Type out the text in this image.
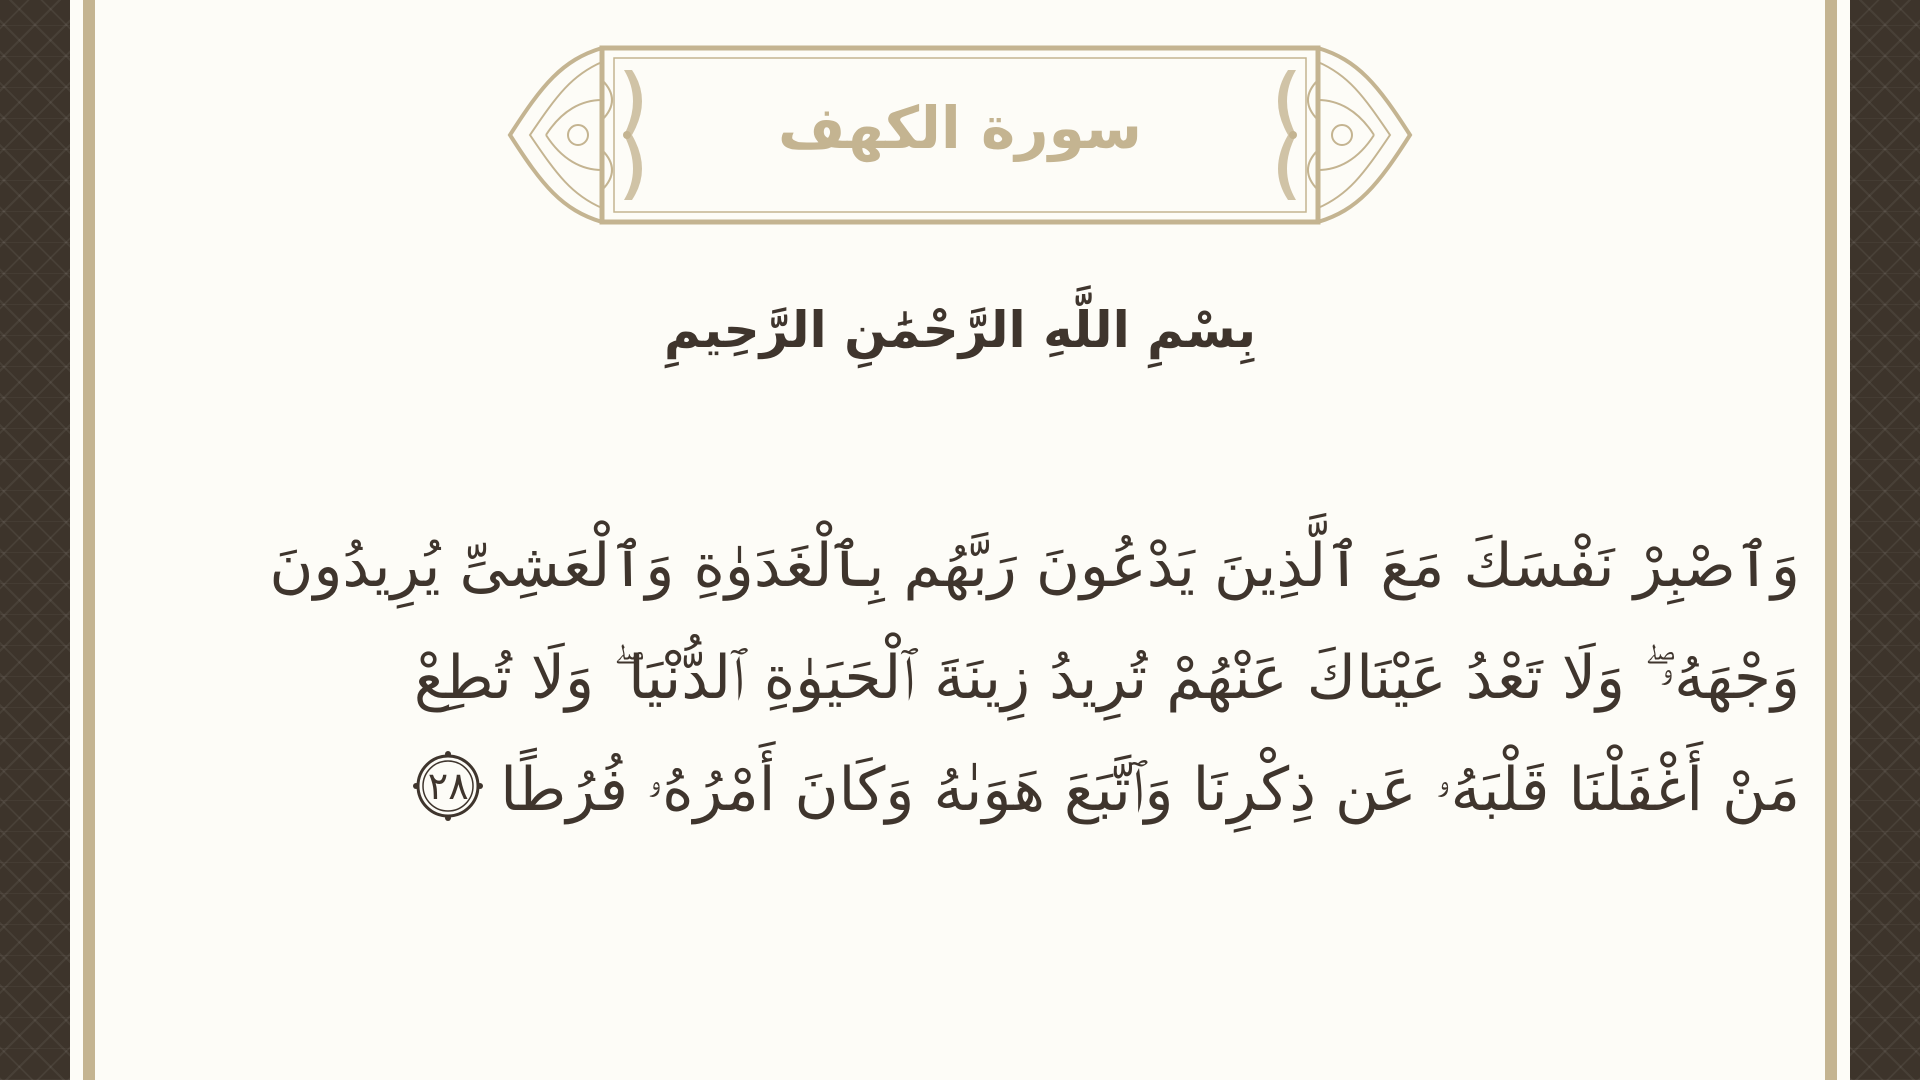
سورة الكهف
بِسْمِ اللَّهِ الرَّحْمَٰنِ الرَّحِيمِ
وَٱصْبِرْ نَفْسَكَ مَعَ ٱلَّذِينَ يَدْعُونَ رَبَّهُم بِٱلْغَدَوٰةِ وَٱلْعَشِىِّ يُرِيدُونَ
وَجْهَهُۥ ۖ وَلَا تَعْدُ عَيْنَاكَ عَنْهُمْ تُرِيدُ زِينَةَ ٱلْحَيَوٰةِ ٱلدُّنْيَا ۖ وَلَا تُطِعْ
مَنْ أَغْفَلْنَا قَلْبَهُۥ عَن ذِكْرِنَا وَٱتَّبَعَ هَوَىٰهُ وَكَانَ أَمْرُهُۥ فُرُطًا
٢٨
